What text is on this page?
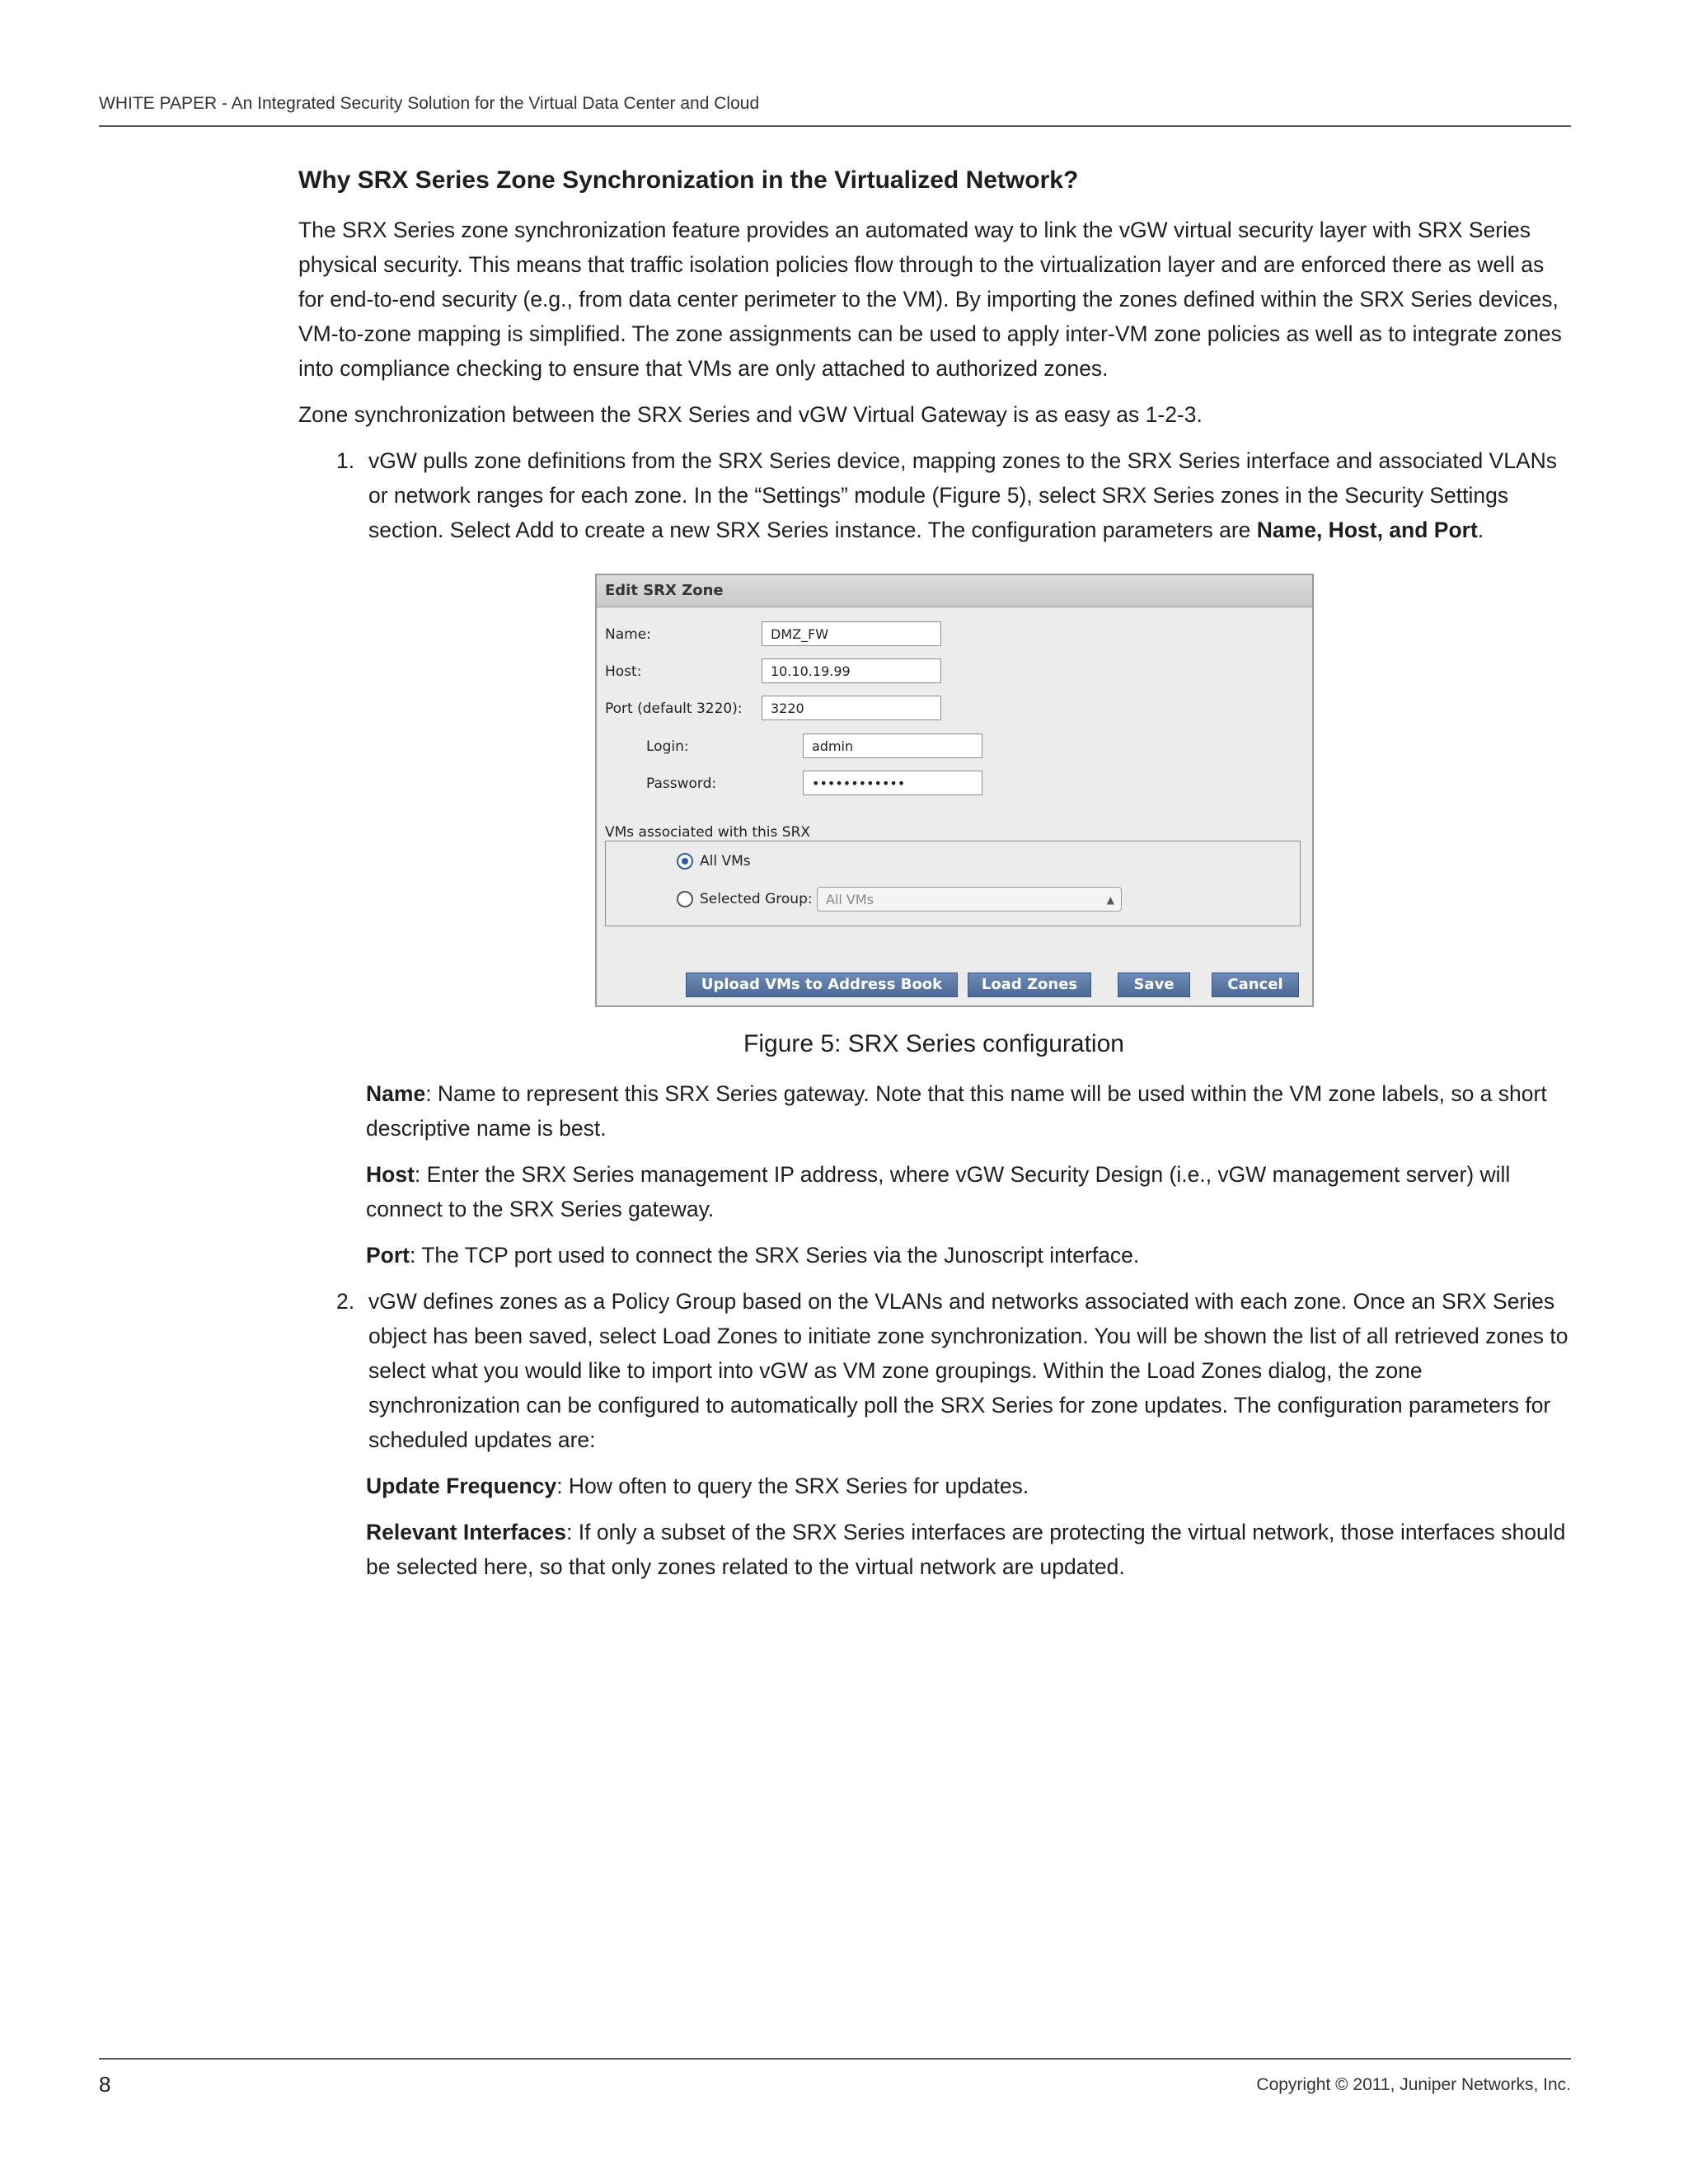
WHITE PAPER - An Integrated Security Solution for the Virtual Data Center and Cloud
Why SRX Series Zone Synchronization in the Virtualized Network?

The SRX Series zone synchronization feature provides an automated way to link the vGW virtual security layer with SRX Series physical security. This means that traffic isolation policies flow through to the virtualization layer and are enforced there as well as for end-to-end security (e.g., from data center perimeter to the VM). By importing the zones defined within the SRX Series devices, VM-to-zone mapping is simplified. The zone assignments can be used to apply inter-VM zone policies as well as to integrate zones into compliance checking to ensure that VMs are only attached to authorized zones.

Zone synchronization between the SRX Series and vGW Virtual Gateway is as easy as 1-2-3.

1. vGW pulls zone definitions from the SRX Series device, mapping zones to the SRX Series interface and associated VLANs or network ranges for each zone. In the “Settings” module (Figure 5), select SRX Series zones in the Security Settings section. Select Add to create a new SRX Series instance. The configuration parameters are Name, Host, and Port.

Edit SRX Zone
Name:	DMZ_FW
Host:	10.10.19.99
Port (default 3220):	3220
Login:	admin
Password:	••••••••••••
VMs associated with this SRX
All VMs
Selected Group:	All VMs	▲

Upload VMs to Address Book	Load Zones	Save	Cancel
Figure 5: SRX Series configuration

Name: Name to represent this SRX Series gateway. Note that this name will be used within the VM zone labels, so a short descriptive name is best.

Host: Enter the SRX Series management IP address, where vGW Security Design (i.e., vGW management server) will connect to the SRX Series gateway.

Port: The TCP port used to connect the SRX Series via the Junoscript interface.

2. vGW defines zones as a Policy Group based on the VLANs and networks associated with each zone. Once an SRX Series object has been saved, select Load Zones to initiate zone synchronization. You will be shown the list of all retrieved zones to select what you would like to import into vGW as VM zone groupings. Within the Load Zones dialog, the zone synchronization can be configured to automatically poll the SRX Series for zone updates. The configuration parameters for scheduled updates are:

Update Frequency: How often to query the SRX Series for updates.

Relevant Interfaces: If only a subset of the SRX Series interfaces are protecting the virtual network, those interfaces should be selected here, so that only zones related to the virtual network are updated.

8	Copyright © 2011, Juniper Networks, Inc.
